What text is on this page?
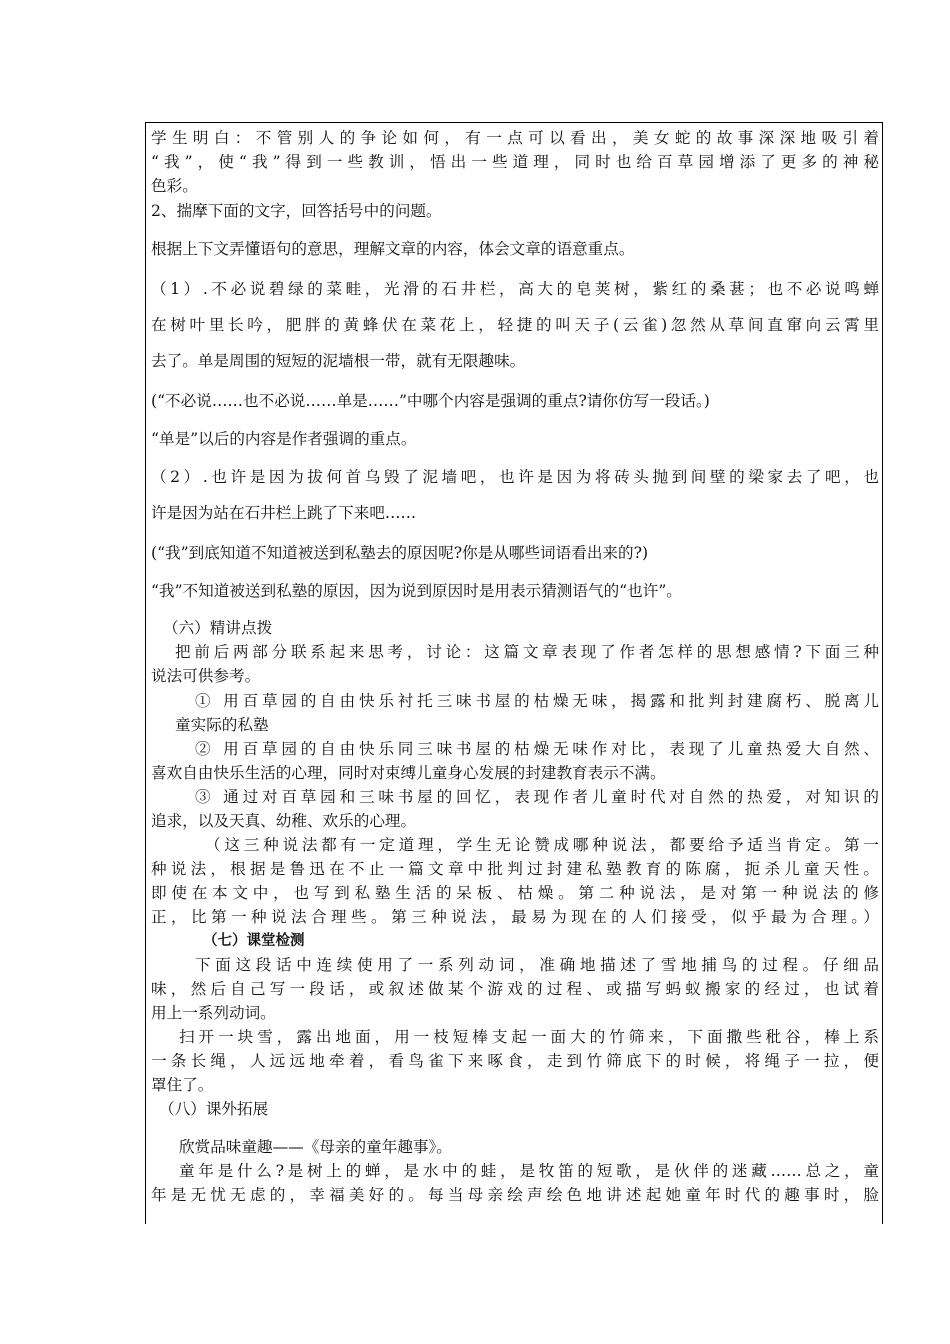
学生明白：不管别人的争论如何，有一点可以看出，美女蛇的故事深深地吸引着
“我”，使“我”得到一些教训，悟出一些道理，同时也给百草园增添了更多的神秘
色彩。
2、揣摩下面的文字，回答括号中的问题。
根据上下文弄懂语句的意思，理解文章的内容，体会文章的语意重点。
（1）.不必说碧绿的菜畦，光滑的石井栏，高大的皂荚树，紫红的桑葚；也不必说鸣蝉
在树叶里长吟，肥胖的黄蜂伏在菜花上，轻捷的叫天子(云雀)忽然从草间直窜向云霄里
去了。单是周围的短短的泥墙根一带，就有无限趣味。
(“不必说……也不必说……单是……”中哪个内容是强调的重点?请你仿写一段话。)
“单是”以后的内容是作者强调的重点。
（2）.也许是因为拔何首乌毁了泥墙吧，也许是因为将砖头抛到间壁的梁家去了吧，也
许是因为站在石井栏上跳了下来吧……
(“我”到底知道不知道被送到私塾去的原因呢?你是从哪些词语看出来的?)
“我”不知道被送到私塾的原因，因为说到原因时是用表示猜测语气的“也许”。
（六）精讲点拨
把前后两部分联系起来思考，讨论：这篇文章表现了作者怎样的思想感情?下面三种
说法可供参考。
① 用百草园的自由快乐衬托三味书屋的枯燥无味，揭露和批判封建腐朽、脱离儿
童实际的私塾
② 用百草园的自由快乐同三味书屋的枯燥无味作对比，表现了儿童热爱大自然、
喜欢自由快乐生活的心理，同时对束缚儿童身心发展的封建教育表示不满。
③ 通过对百草园和三味书屋的回忆，表现作者儿童时代对自然的热爱，对知识的
追求，以及天真、幼稚、欢乐的心理。
（这三种说法都有一定道理，学生无论赞成哪种说法，都要给予适当肯定。第一
种说法，根据是鲁迅在不止一篇文章中批判过封建私塾教育的陈腐，扼杀儿童天性。
即使在本文中，也写到私塾生活的呆板、枯燥。第二种说法，是对第一种说法的修
正，比第一种说法合理些。第三种说法，最易为现在的人们接受，似乎最为合理。）
（七）课堂检测
下面这段话中连续使用了一系列动词，准确地描述了雪地捕鸟的过程。仔细品
味，然后自己写一段话，或叙述做某个游戏的过程、或描写蚂蚁搬家的经过，也试着
用上一系列动词。
扫开一块雪，露出地面，用一枝短棒支起一面大的竹筛来，下面撒些秕谷，棒上系
一条长绳，人远远地牵着，看鸟雀下来啄食，走到竹筛底下的时候，将绳子一拉，便
罩住了。
（八）课外拓展
欣赏品味童趣——《母亲的童年趣事》。
童年是什么?是树上的蝉，是水中的蛙，是牧笛的短歌，是伙伴的迷藏……总之，童
年是无忧无虑的，幸福美好的。每当母亲绘声绘色地讲述起她童年时代的趣事时，脸
